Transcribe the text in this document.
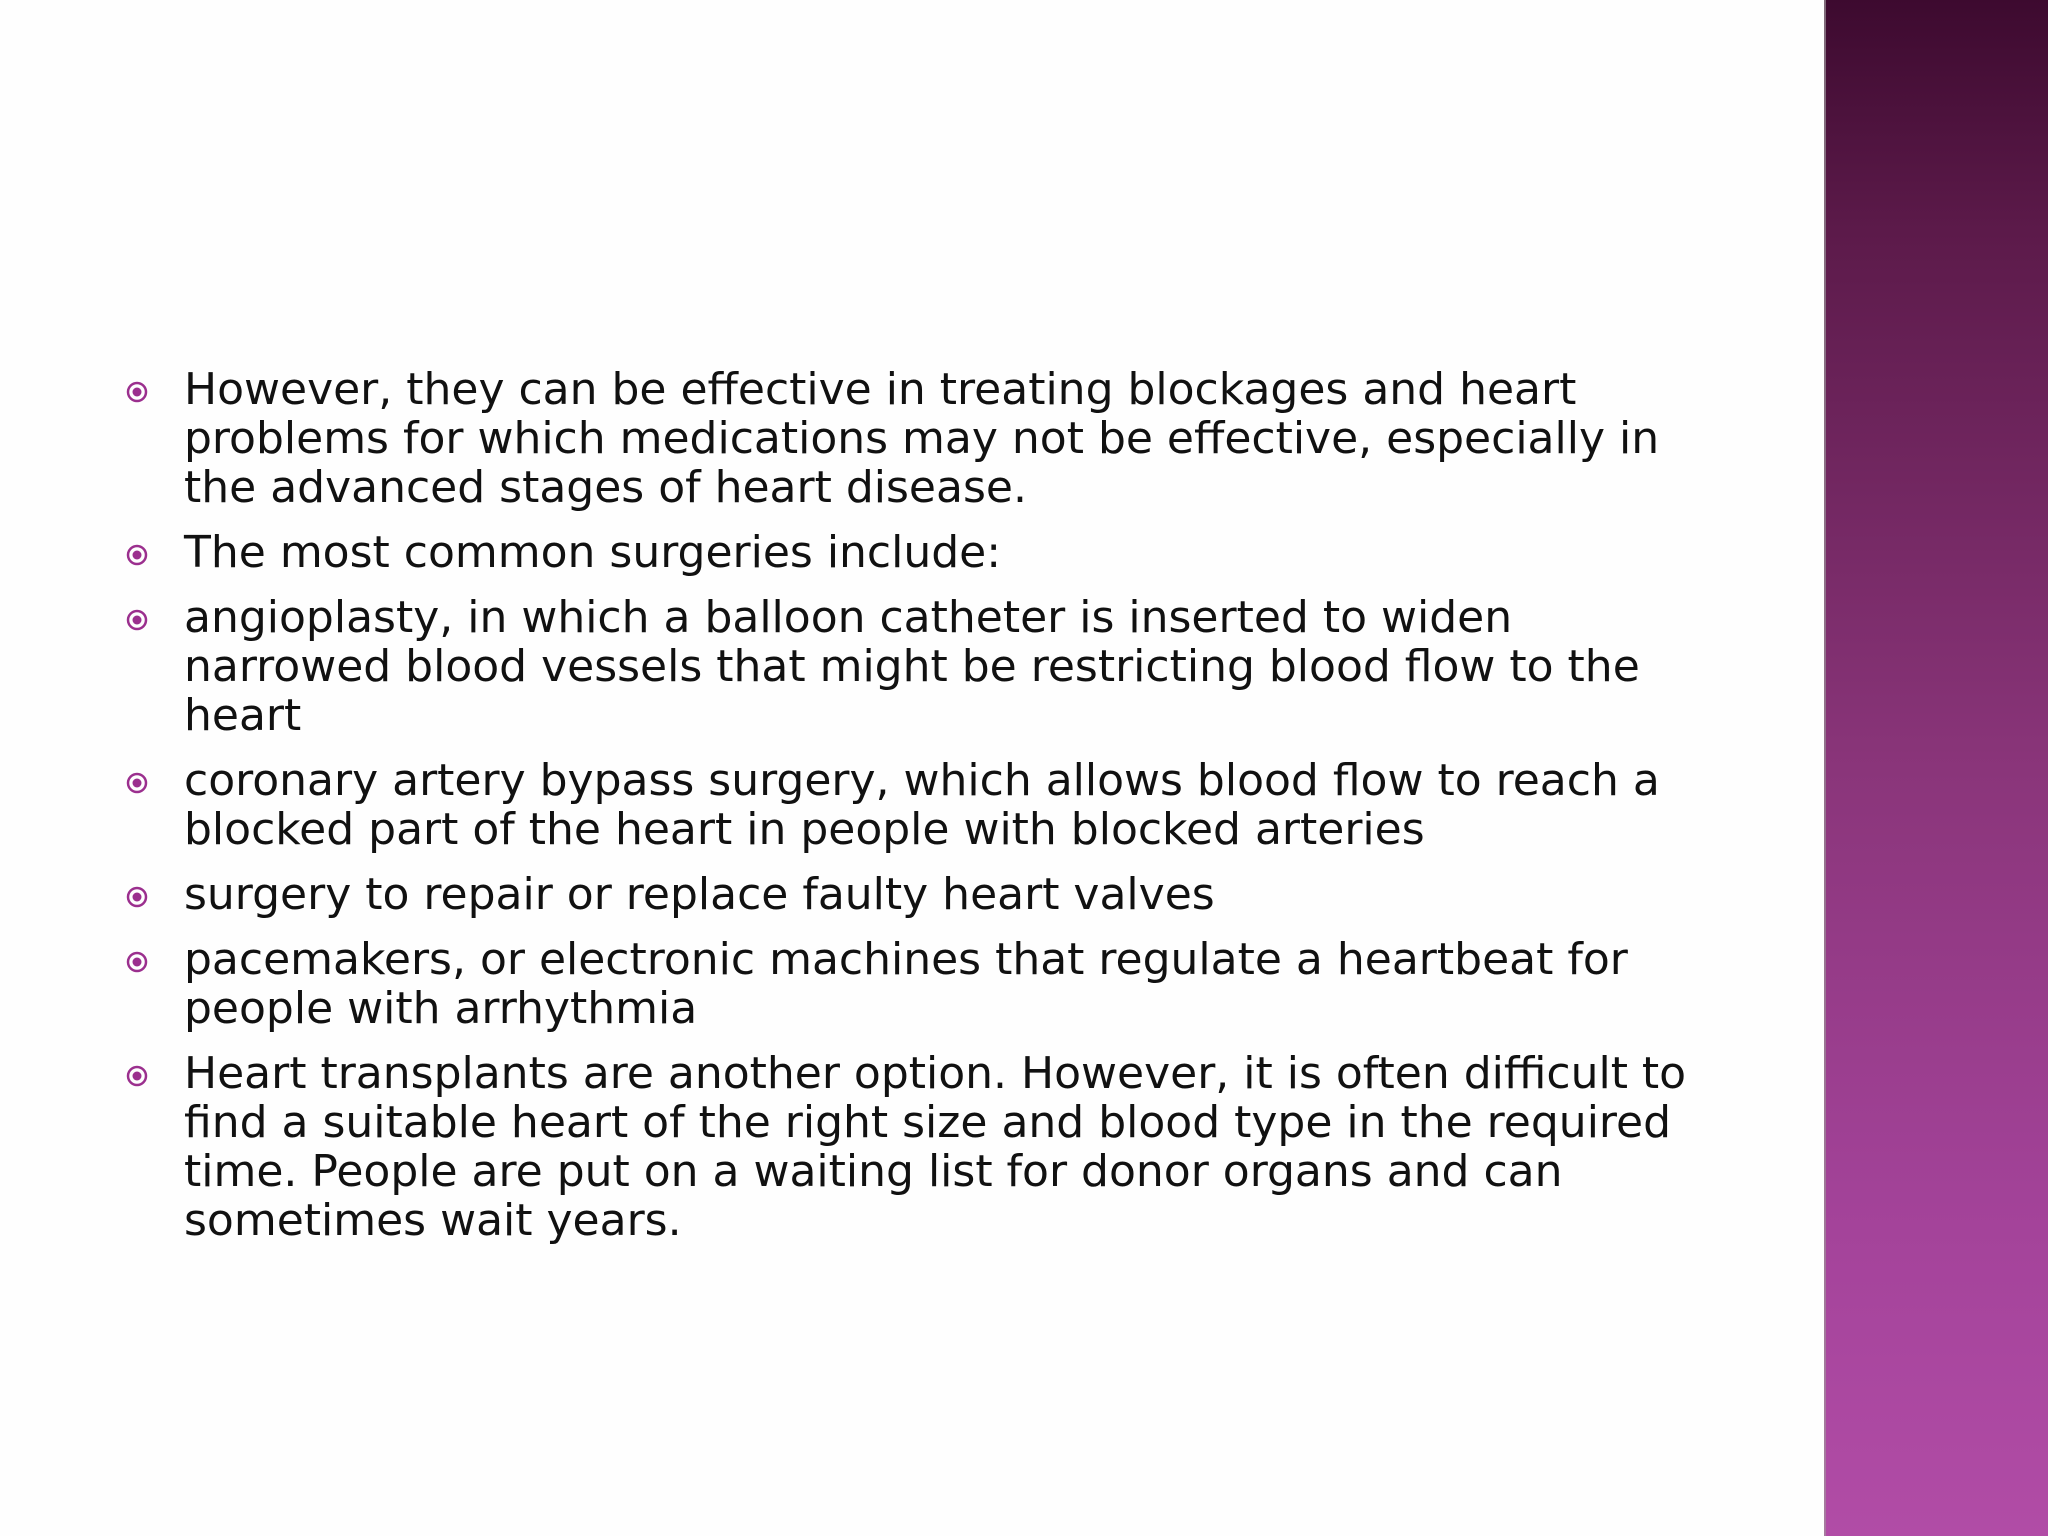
However, they can be effective in treating blockages and heart problems for which medications may not be effective, especially in the advanced stages of heart disease.
The most common surgeries include:
angioplasty, in which a balloon catheter is inserted to widen narrowed blood vessels that might be restricting blood flow to the heart
coronary artery bypass surgery, which allows blood flow to reach a blocked part of the heart in people with blocked arteries
surgery to repair or replace faulty heart valves
pacemakers, or electronic machines that regulate a heartbeat for people with arrhythmia
Heart transplants are another option. However, it is often difficult to find a suitable heart of the right size and blood type in the required time. People are put on a waiting list for donor organs and can sometimes wait years.
